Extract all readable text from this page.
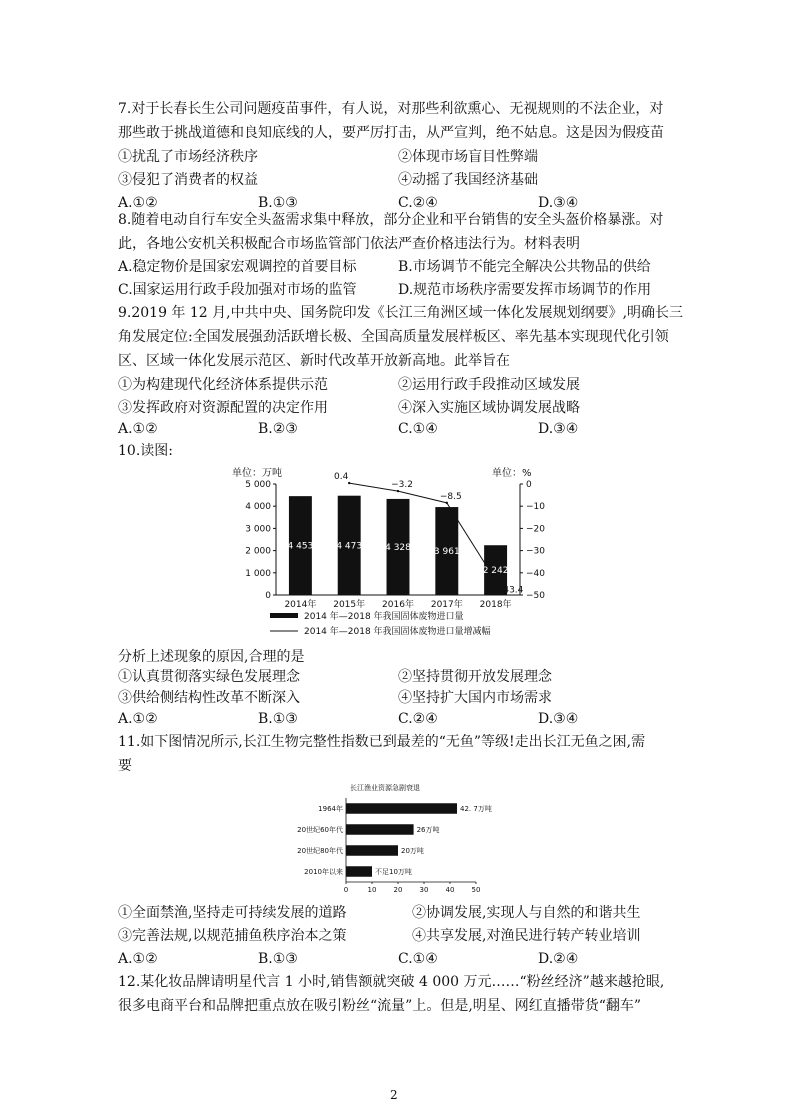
7.对于长春长生公司问题疫苗事件，有人说，对那些利欲熏心、无视规则的不法企业，对
那些敢于挑战道德和良知底线的人，要严厉打击，从严宣判，绝不姑息。这是因为假疫苗
①扰乱了市场经济秩序	②体现市场盲目性弊端
③侵犯了消费者的权益	④动摇了我国经济基础
A.①②	B.①③	C.②④	D.③④
8.随着电动自行车安全头盔需求集中释放，部分企业和平台销售的安全头盔价格暴涨。对
此，各地公安机关积极配合市场监管部门依法严查价格违法行为。材料表明
A.稳定物价是国家宏观调控的首要目标	B.市场调节不能完全解决公共物品的供给
C.国家运用行政手段加强对市场的监管	D.规范市场秩序需要发挥市场调节的作用
9.2019 年 12 月,中共中央、国务院印发《长江三角洲区域一体化发展规划纲要》,明确长三
角发展定位:全国发展强劲活跃增长极、全国高质量发展样板区、率先基本实现现代化引领
区、区域一体化发展示范区、新时代改革开放新高地。此举旨在
①为构建现代化经济体系提供示范	②运用行政手段推动区域发展
③发挥政府对资源配置的决定作用	④深入实施区域协调发展战略
A.①②	B.②③	C.①④	D.③④
10.读图:
单位：万吨	单位：%
0
1 000
2 000
3 000
4 000
5 000	0
−10
−20
−30
−40
−50
4 453
2014年
4 473
2015年
0.4
4 328
2016年
−3.2
3 961
2017年
−8.5
2 242
2018年
−43.4
2014 年—2018 年我国固体废物进口量
2014 年—2018 年我国固体废物进口量增减幅
分析上述现象的原因,合理的是
①认真贯彻落实绿色发展理念	②坚持贯彻开放发展理念
③供给侧结构性改革不断深入	④坚持扩大国内市场需求
A.①②	B.①③	C.②④	D.③④
11.如下图情况所示,长江生物完整性指数已到最差的“无鱼”等级!走出长江无鱼之困,需
要
长江渔业资源急剧衰退
0	10 20 30 40 50
1964年	42. 7万吨
20世纪60年代	26万吨
20世纪80年代	20万吨
2010年以来	不足10万吨
①全面禁渔,坚持走可持续发展的道路	②协调发展,实现人与自然的和谐共生
③完善法规,以规范捕鱼秩序治本之策	④共享发展,对渔民进行转产转业培训
A.①②	B.①③	C.①④	D.②④
12.某化妆品牌请明星代言 1 小时,销售额就突破 4 000 万元……“粉丝经济”越来越抢眼,
很多电商平台和品牌把重点放在吸引粉丝“流量”上。但是,明星、网红直播带货“翻车”
2
